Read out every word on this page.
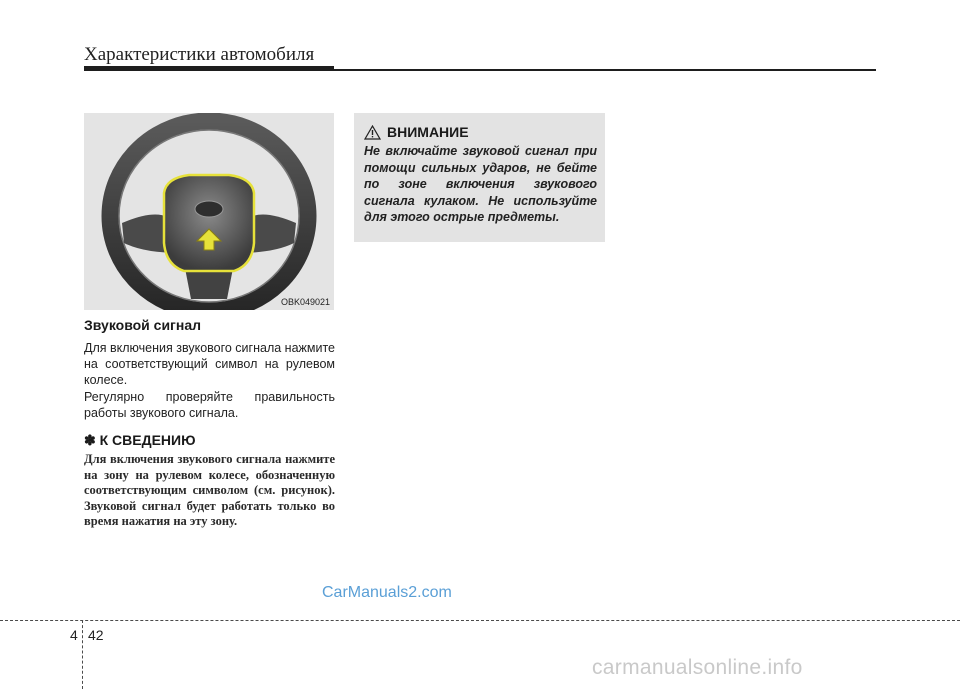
Характеристики автомобиля
OBK049021
Звуковой сигнал

Для включения звукового сигнала нажмите на соответствующий символ на рулевом колесе.

Регулярно проверяйте правильность работы звукового сигнала.

✽ К СВЕДЕНИЮ

Для включения звукового сигнала нажмите на зону на рулевом колесе, обозначенную соответствующим символом (см. рисунок). Звуковой сигнал будет работать только во время нажатия на эту зону.

ВНИМАНИЕ

Не включайте звуковой сигнал при помощи сильных ударов, не бейте по зоне включения звукового сигнала кулаком. Не используйте для этого острые предметы.

CarManuals2.com
4 42
carmanualsonline.info
